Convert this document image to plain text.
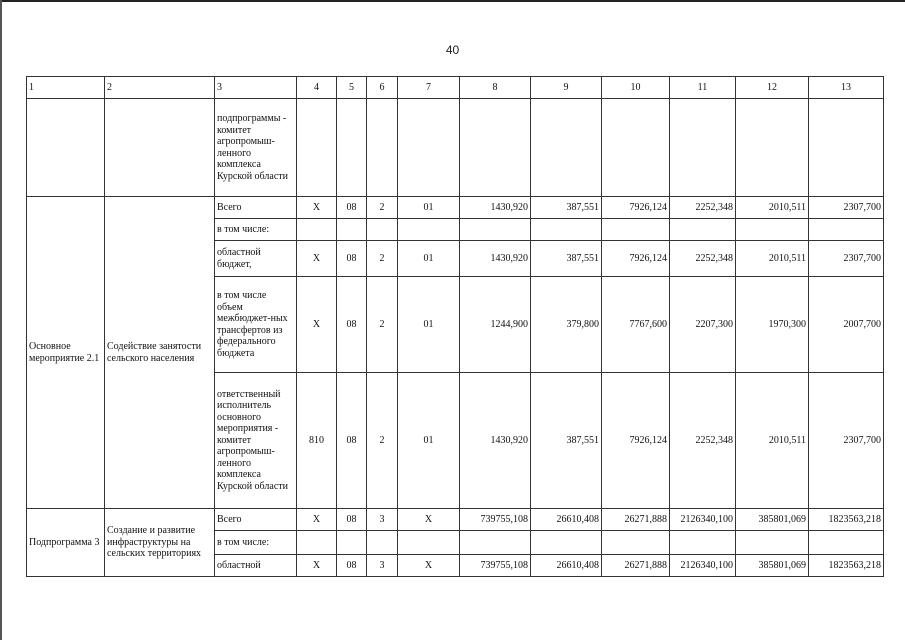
40
1	2	3	4	5	6	7	8	9	10	11	12	13
		подпрограммы - комитет агропромыш-ленного комплекса Курской области										
Основное мероприятие 2.1	Содействие занятости сельского населения	Всего	X	08	2	01	1430,920	387,551	7926,124	2252,348	2010,511	2307,700
		в том числе:										
		областной бюджет,	X	08	2	01	1430,920	387,551	7926,124	2252,348	2010,511	2307,700
		в том числе объем межбюджет-ных трансфертов из федерального бюджета	X	08	2	01	1244,900	379,800	7767,600	2207,300	1970,300	2007,700
		ответственный исполнитель основного мероприятия - комитет агропромыш-ленного комплекса Курской области	810	08	2	01	1430,920	387,551	7926,124	2252,348	2010,511	2307,700
Подпрограмма 3	Создание и развитие инфраструктуры на сельских территориях	Всего	X	08	3	X	739755,108	26610,408	26271,888	2126340,100	385801,069	1823563,218
		в том числе:										
		областной	X	08	3	X	739755,108	26610,408	26271,888	2126340,100	385801,069	1823563,218
